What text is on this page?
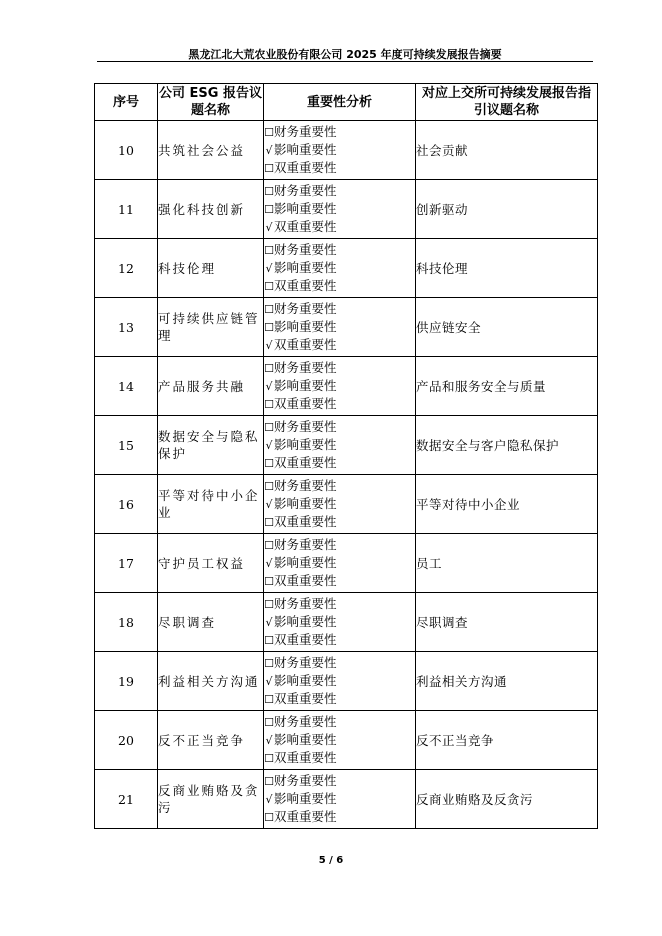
黑龙江北大荒农业股份有限公司 2025 年度可持续发展报告摘要
序号	公司 ESG 报告议题名称	重要性分析	对应上交所可持续发展报告指引议题名称
10	共筑社会公益	☐财务重要性
√ 影响重要性
☐双重重要性	社会贡献
11	强化科技创新	☐财务重要性
☐影响重要性
√ 双重重要性	创新驱动
12	科技伦理	☐财务重要性
√ 影响重要性
☐双重重要性	科技伦理
13	可持续供应链管理	☐财务重要性
☐影响重要性
√ 双重重要性	供应链安全
14	产品服务共融	☐财务重要性
√ 影响重要性
☐双重重要性	产品和服务安全与质量
15	数据安全与隐私保护	☐财务重要性
√ 影响重要性
☐双重重要性	数据安全与客户隐私保护
16	平等对待中小企业	☐财务重要性
√ 影响重要性
☐双重重要性	平等对待中小企业
17	守护员工权益	☐财务重要性
√ 影响重要性
☐双重重要性	员工
18	尽职调查	☐财务重要性
√ 影响重要性
☐双重重要性	尽职调查
19	利益相关方沟通	☐财务重要性
√ 影响重要性
☐双重重要性	利益相关方沟通
20	反不正当竞争	☐财务重要性
√ 影响重要性
☐双重重要性	反不正当竞争
21	反商业贿赂及贪污	☐财务重要性
√ 影响重要性
☐双重重要性	反商业贿赂及反贪污
5 / 6
